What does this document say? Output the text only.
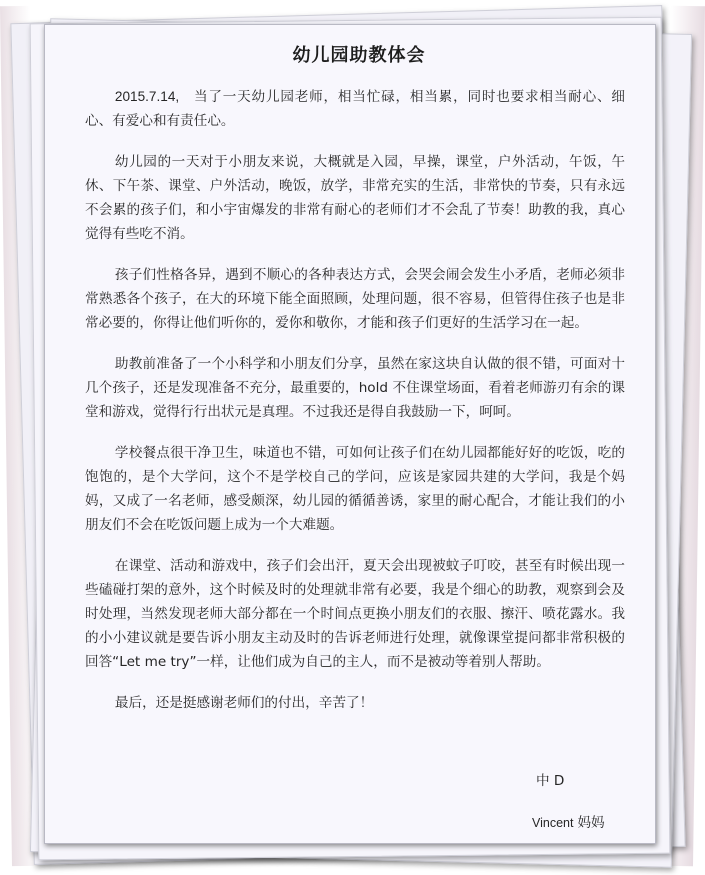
幼儿园助教体会

2015.7.14, 当了一天幼儿园老师，相当忙碌，相当累，同时也要求相当耐心、细心、有爱心和有责任心。

幼儿园的一天对于小朋友来说，大概就是入园，早操，课堂，户外活动，午饭，午休、下午茶、课堂、户外活动，晚饭，放学，非常充实的生活，非常快的节奏，只有永远不会累的孩子们，和小宇宙爆发的非常有耐心的老师们才不会乱了节奏！助教的我，真心觉得有些吃不消。

孩子们性格各异，遇到不顺心的各种表达方式，会哭会闹会发生小矛盾，老师必须非常熟悉各个孩子，在大的环境下能全面照顾，处理问题，很不容易，但管得住孩子也是非常必要的，你得让他们听你的，爱你和敬你，才能和孩子们更好的生活学习在一起。

助教前准备了一个小科学和小朋友们分享，虽然在家这块自认做的很不错，可面对十几个孩子，还是发现准备不充分，最重要的，hold 不住课堂场面，看着老师游刃有余的课堂和游戏，觉得行行出状元是真理。不过我还是得自我鼓励一下，呵呵。

学校餐点很干净卫生，味道也不错，可如何让孩子们在幼儿园都能好好的吃饭，吃的饱饱的，是个大学问，这个不是学校自己的学问，应该是家园共建的大学问，我是个妈妈，又成了一名老师，感受颇深，幼儿园的循循善诱，家里的耐心配合，才能让我们的小朋友们不会在吃饭问题上成为一个大难题。

在课堂、活动和游戏中，孩子们会出汗，夏天会出现被蚊子叮咬，甚至有时候出现一些磕碰打架的意外，这个时候及时的处理就非常有必要，我是个细心的助教，观察到会及时处理，当然发现老师大部分都在一个时间点更换小朋友们的衣服、擦汗、喷花露水。我的小小建议就是要告诉小朋友主动及时的告诉老师进行处理，就像课堂提问都非常积极的回答“Let me try”一样，让他们成为自己的主人，而不是被动等着别人帮助。

最后，还是挺感谢老师们的付出，辛苦了！

中 D
Vincent 妈妈
